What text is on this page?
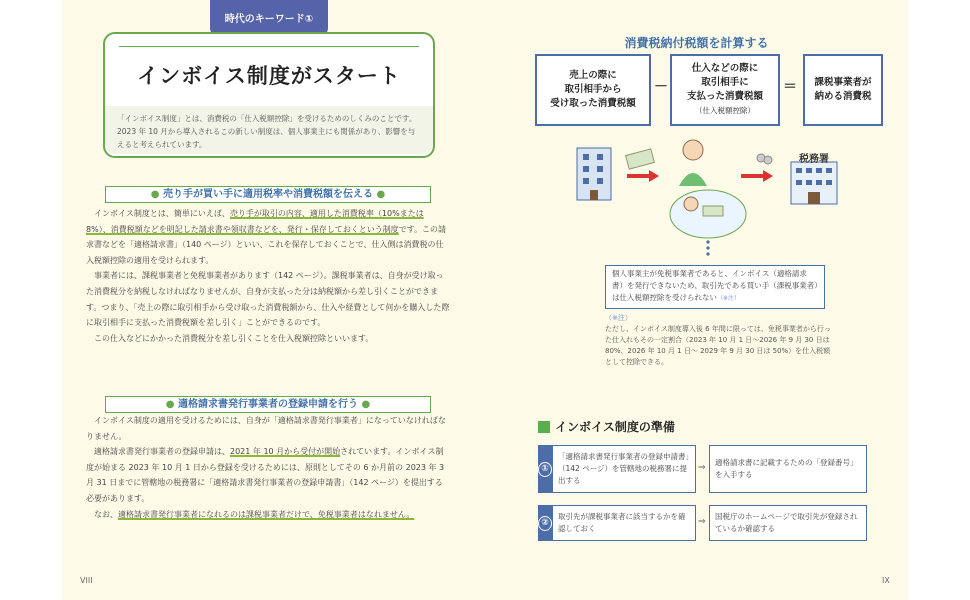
時代のキーワード①
インボイス制度がスタート
「インボイス制度」とは、消費税の「仕入税額控除」を受けるためのしくみのことです。2023 年 10 月から導入されるこの新しい制度は、個人事業主にも関係があり、影響を与えると考えられています。
● 売り手が買い手に適用税率や消費税額を伝える ●

インボイス制度とは、簡単にいえば、売り手が取引の内容、適用した消費税率（10%または 8%）、消費税額などを明記した請求書や領収書などを、発行・保存しておくという制度です。この請求書などを「適格請求書」（140 ページ）といい、これを保存しておくことで、仕入側は消費税の仕入税額控除の適用を受けられます。

事業者には、課税事業者と免税事業者があります（142 ページ）。課税事業者は、自身が受け取った消費税分を納税しなければなりませんが、自身が支払った分は納税額から差し引くことができます。つまり、「売上の際に取引相手から受け取った消費税額から、仕入や経費として何かを購入した際に取引相手に支払った消費税額を差し引く」ことができるのです。

この仕入などにかかった消費税分を差し引くことを仕入税額控除といいます。

● 適格請求書発行事業者の登録申請を行う ●

インボイス制度の適用を受けるためには、自身が「適格請求書発行事業者」になっていなければなりません。

適格請求書発行事業者の登録申請は、2021 年 10 月から受付が開始されています。インボイス制度が始まる 2023 年 10 月 1 日から登録を受けるためには、原則としてその 6 か月前の 2023 年 3 月 31 日までに管轄地の税務署に「適格請求書発行事業者の登録申請書」（142 ページ）を提出する必要があります。

なお、適格請求書発行事業者になれるのは課税事業者だけで、免税事業者はなれません。

VIII
消費税納付税額を計算する
売上の際に
取引相手から
受け取った消費税額
－
仕入などの際に
取引相手に
支払った消費税額
（仕入税額控除）
＝	課税事業者が
納める消費税
税務署
個人事業主が免税事業者であると、インボイス（適格請求書）を発行できないため、取引先である買い手（課税事業者）は仕入税額控除を受けられない（※注）
（※注）
ただし、インボイス制度導入後 6 年間に限っては、免税事業者から行った仕入れもその一定割合（2023 年 10 月 1 日～2026 年 9 月 30 日は 80%、2026 年 10 月 1 日～ 2029 年 9 月 30 日は 50%）を仕入税額として控除できる。
インボイス制度の準備
①
「適格請求書発行事業者の登録申請書」（142 ページ）を管轄地の税務署に提出する
⇒
適格請求書に記載するための「登録番号」を入手する
②
取引先が課税事業者に該当するかを確認しておく
⇒
国税庁のホームページで取引先が登録されているか確認する
IX
